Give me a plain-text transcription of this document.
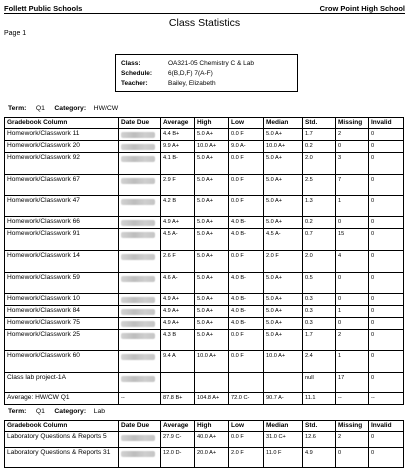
Follett Public Schools	Crow Point High School
Class Statistics
Page 1
Class:	OA321-05 Chemistry C & Lab
Schedule:	6(B,D,F) 7(A-F)
Teacher:	Bailey, Elizabeth
Term: Q1 Category: HW/CW
Gradebook Column	Date Due	Average	High	Low	Median	Std.	Missing	Invalid
Homework/Classwork 11		4.4 B+	5.0 A+	0.0 F	5.0 A+	1.7	2	0
Homework/Classwork 20		9.9 A+	10.0 A+	9.0 A-	10.0 A+	0.2	0	0
Homework/Classwork 92		4.1 B-	5.0 A+	0.0 F	5.0 A+	2.0	3	0
Homework/Classwork 67		2.9 F	5.0 A+	0.0 F	5.0 A+	2.5	7	0
Homework/Classwork 47		4.2 B	5.0 A+	0.0 F	5.0 A+	1.3	1	0
Homework/Classwork 66		4.9 A+	5.0 A+	4.0 B-	5.0 A+	0.2	0	0
Homework/Classwork 91		4.5 A-	5.0 A+	4.0 B-	4.5 A-	0.7	15	0
Homework/Classwork 14		2.6 F	5.0 A+	0.0 F	2.0 F	2.0	4	0
Homework/Classwork 59		4.6 A-	5.0 A+	4.0 B-	5.0 A+	0.5	0	0
Homework/Classwork 10		4.9 A+	5.0 A+	4.0 B-	5.0 A+	0.3	0	0
Homework/Classwork 84		4.9 A+	5.0 A+	4.0 B-	5.0 A+	0.3	1	0
Homework/Classwork 75		4.9 A+	5.0 A+	4.0 B-	5.0 A+	0.3	0	0
Homework/Classwork 25		4.3 B	5.0 A+	0.0 F	5.0 A+	1.7	2	0
Homework/Classwork 60		9.4 A	10.0 A+	0.0 F	10.0 A+	2.4	1	0
Class lab project-1A						null	17	0
Average: HW/CW Q1	--	87.8 B+	104.8 A+	72.0 C-	90.7 A-	11.1	--	--
Term: Q1 Category: Lab
Gradebook Column	Date Due	Average	High	Low	Median	Std.	Missing	Invalid
Laboratory Questions & Reports 5		27.9 C-	40.0 A+	0.0 F	31.0 C+	12.6	2	0
Laboratory Questions & Reports 31		12.0 D-	20.0 A+	2.0 F	11.0 F	4.9	0	0
